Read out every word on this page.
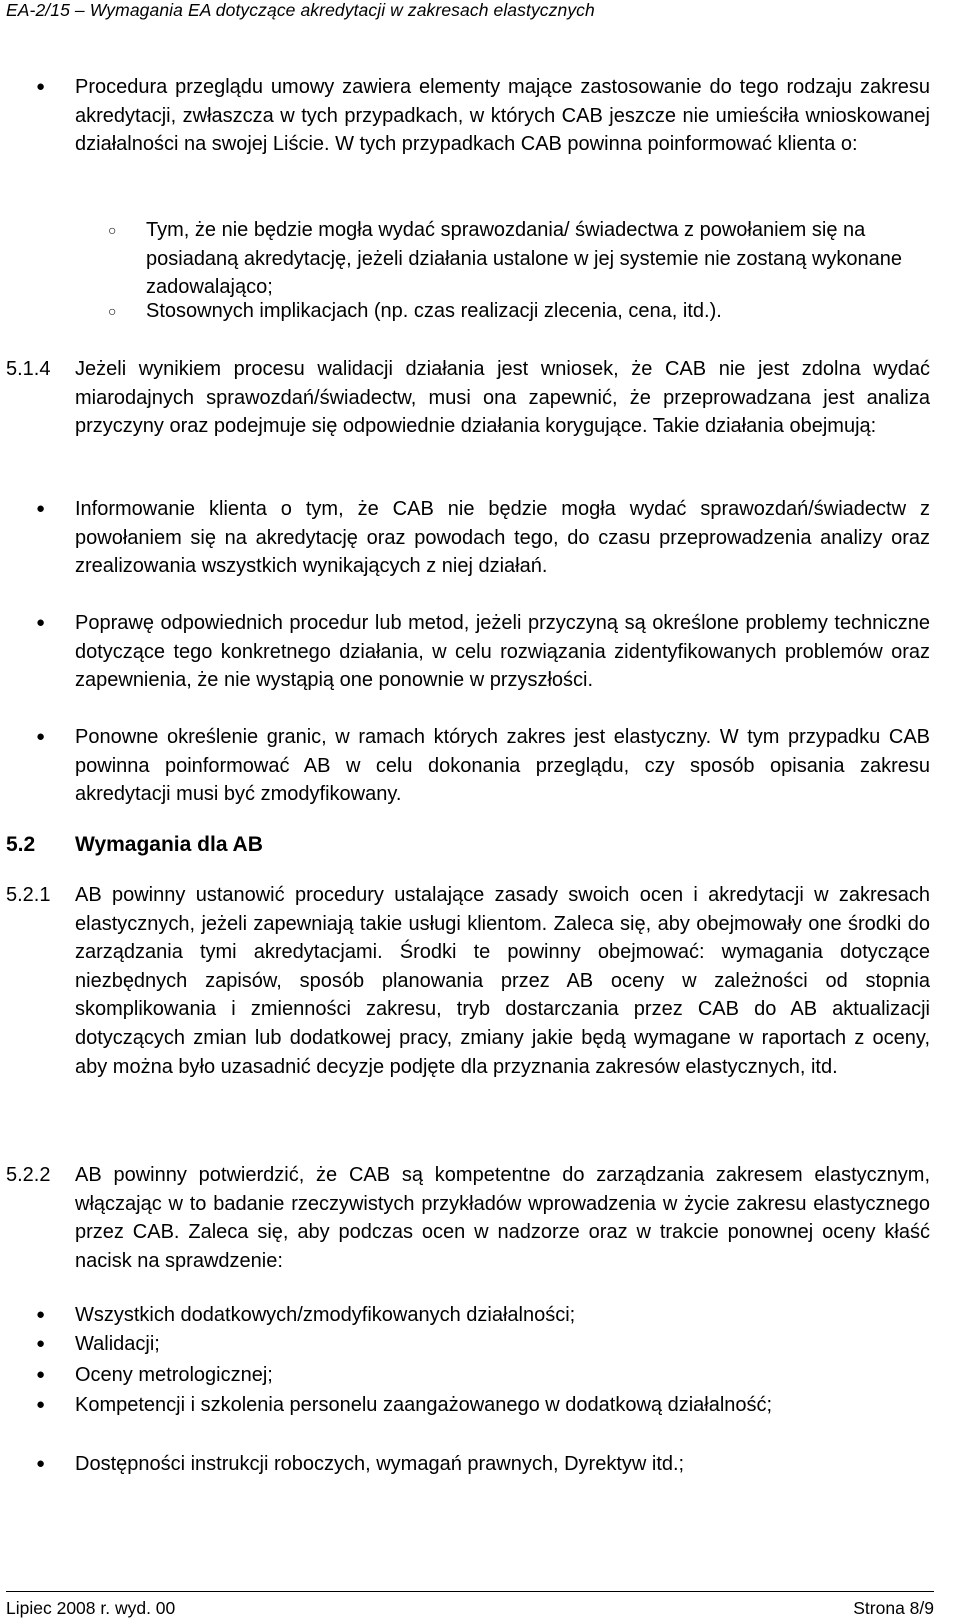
EA-2/15 – Wymagania EA dotyczące akredytacji w zakresach elastycznych
● Procedura przeglądu umowy zawiera elementy mające zastosowanie do tego rodzaju zakresu akredytacji, zwłaszcza w tych przypadkach, w których CAB jeszcze nie umieściła wnioskowanej działalności na swojej Liście. W tych przypadkach CAB powinna poinformować klienta o:
○ Tym, że nie będzie mogła wydać sprawozdania/ świadectwa z powołaniem się na posiadaną akredytację, jeżeli działania ustalone w jej systemie nie zostaną wykonane zadowalająco;
○ Stosownych implikacjach (np. czas realizacji zlecenia, cena, itd.).
5.1.4 Jeżeli wynikiem procesu walidacji działania jest wniosek, że CAB nie jest zdolna wydać miarodajnych sprawozdań/świadectw, musi ona zapewnić, że przeprowadzana jest analiza przyczyny oraz podejmuje się odpowiednie działania korygujące. Takie działania obejmują:
● Informowanie klienta o tym, że CAB nie będzie mogła wydać sprawozdań/świadectw z powołaniem się na akredytację oraz powodach tego, do czasu przeprowadzenia analizy oraz zrealizowania wszystkich wynikających z niej działań.
● Poprawę odpowiednich procedur lub metod, jeżeli przyczyną są określone problemy techniczne dotyczące tego konkretnego działania, w celu rozwiązania zidentyfikowanych problemów oraz zapewnienia, że nie wystąpią one ponownie w przyszłości.
● Ponowne określenie granic, w ramach których zakres jest elastyczny. W tym przypadku CAB powinna poinformować AB w celu dokonania przeglądu, czy sposób opisania zakresu akredytacji musi być zmodyfikowany.
5.2 Wymagania dla AB
5.2.1 AB powinny ustanowić procedury ustalające zasady swoich ocen i akredytacji w zakresach elastycznych, jeżeli zapewniają takie usługi klientom. Zaleca się, aby obejmowały one środki do zarządzania tymi akredytacjami. Środki te powinny obejmować: wymagania dotyczące niezbędnych zapisów, sposób planowania przez AB oceny w zależności od stopnia skomplikowania i zmienności zakresu, tryb dostarczania przez CAB do AB aktualizacji dotyczących zmian lub dodatkowej pracy, zmiany jakie będą wymagane w raportach z oceny, aby można było uzasadnić decyzje podjęte dla przyznania zakresów elastycznych, itd.
5.2.2 AB powinny potwierdzić, że CAB są kompetentne do zarządzania zakresem elastycznym, włączając w to badanie rzeczywistych przykładów wprowadzenia w życie zakresu elastycznego przez CAB. Zaleca się, aby podczas ocen w nadzorze oraz w trakcie ponownej oceny kłaść nacisk na sprawdzenie:
● Wszystkich dodatkowych/zmodyfikowanych działalności;
● Walidacji;
● Oceny metrologicznej;
● Kompetencji i szkolenia personelu zaangażowanego w dodatkową działalność;
● Dostępności instrukcji roboczych, wymagań prawnych, Dyrektyw itd.;
Lipiec 2008 r. wyd. 00	Strona 8/9
